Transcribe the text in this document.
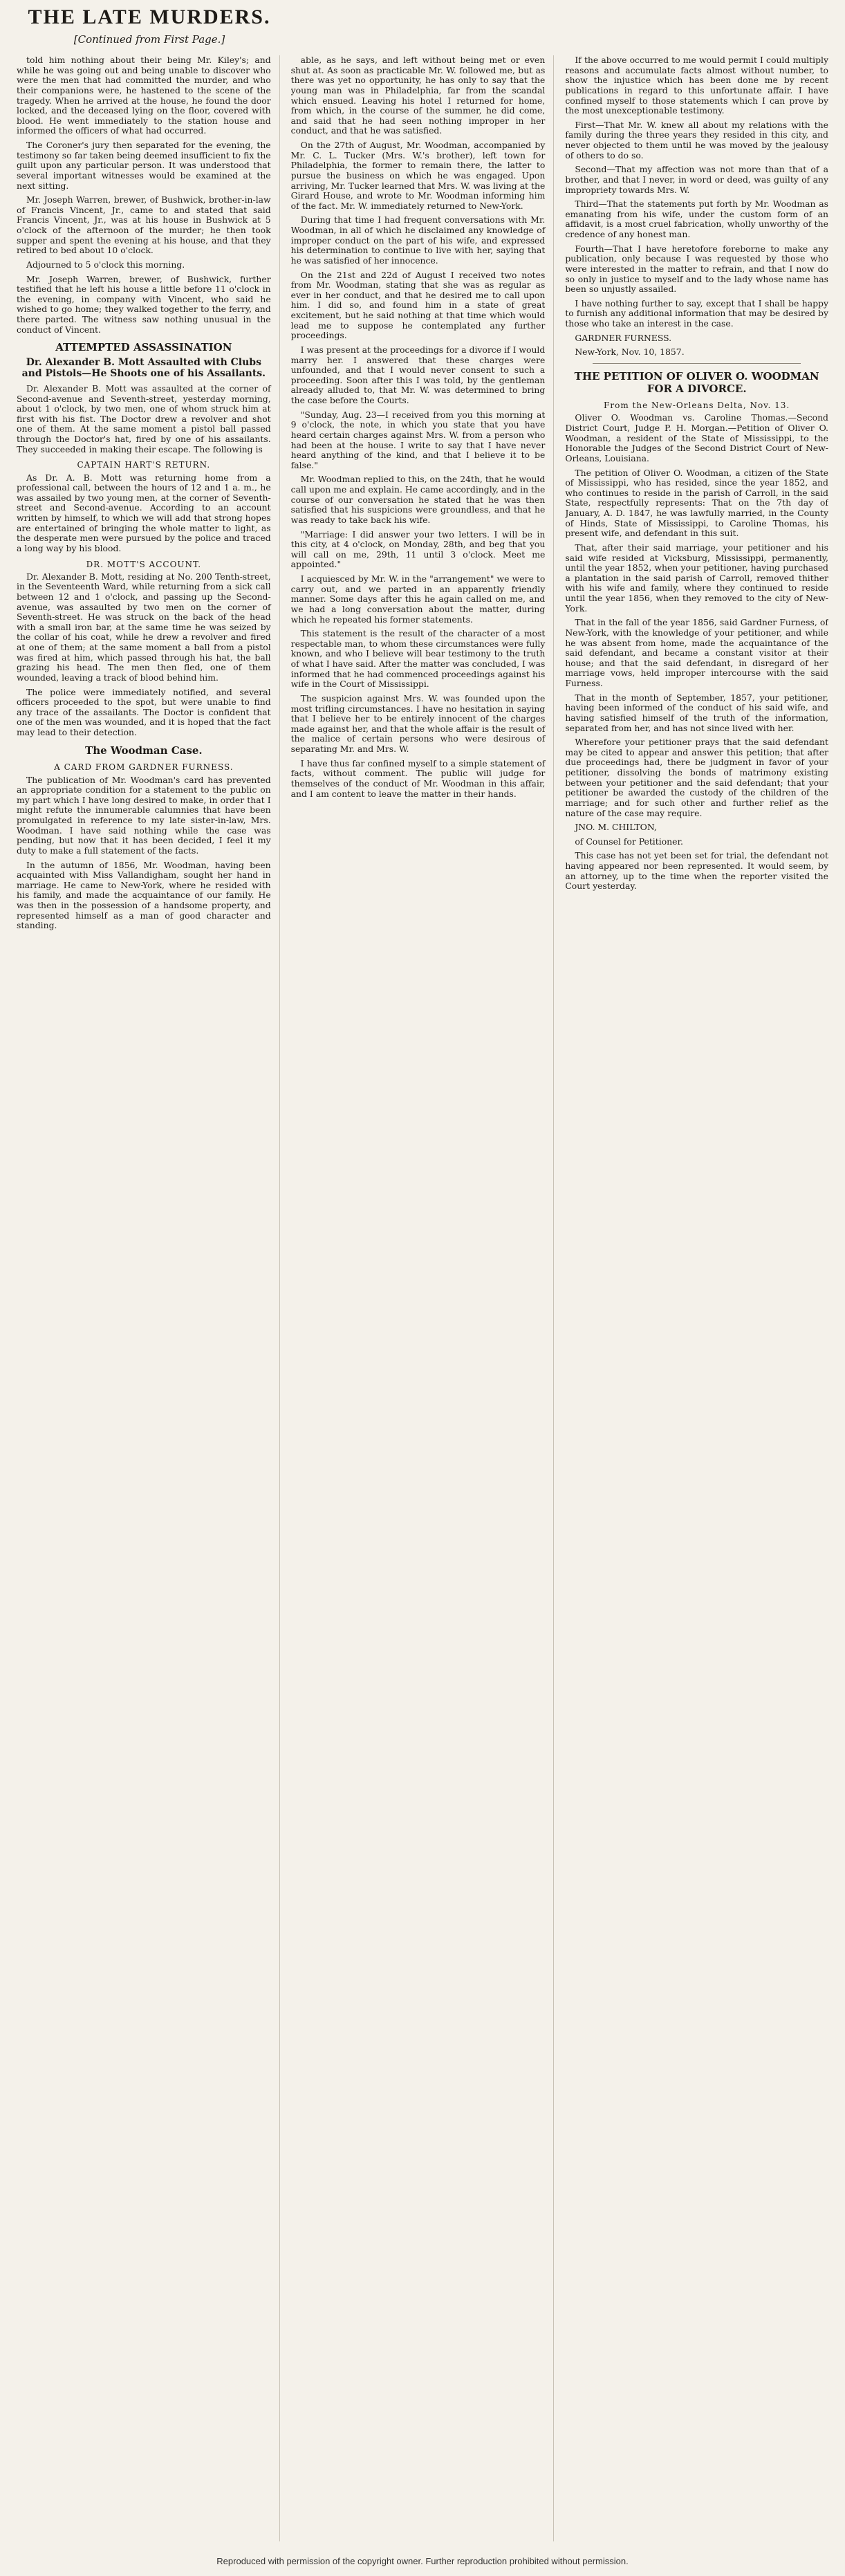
THE LATE MURDERS.
[Continued from First Page.]

told him nothing about their being Mr. Kiley's; and while he was going out and being unable to discover who were the men that had committed the murder, and who their companions were, he hastened to the scene of the tragedy. When he arrived at the house, he found the door locked, and the deceased lying on the floor, covered with blood. He went immediately to the station house and informed the officers of what had occurred.

The Coroner's jury then separated for the evening, the testimony so far taken being deemed insufficient to fix the guilt upon any particular person. It was understood that several important witnesses would be examined at the next sitting.

Mr. Joseph Warren, brewer, of Bushwick, brother-in-law of Francis Vincent, Jr., came to and stated that said Francis Vincent, Jr., was at his house in Bushwick at 5 o'clock of the afternoon of the murder; he then took supper and spent the evening at his house, and that they retired to bed about 10 o'clock.

Adjourned to 5 o'clock this morning.

Mr. Joseph Warren, brewer, of Bushwick, further testified that he left his house a little before 11 o'clock in the evening, in company with Vincent, who said he wished to go home; they walked together to the ferry, and there parted. The witness saw nothing unusual in the conduct of Vincent.

ATTEMPTED ASSASSINATION

Dr. Alexander B. Mott Assaulted with Clubs and Pistols—He Shoots one of his Assailants.

Dr. Alexander B. Mott was assaulted at the corner of Second-avenue and Seventh-street, yesterday morning, about 1 o'clock, by two men, one of whom struck him at first with his fist. The Doctor drew a revolver and shot one of them. At the same moment a pistol ball passed through the Doctor's hat, fired by one of his assailants. They succeeded in making their escape. The following is

CAPTAIN HART'S RETURN.

As Dr. A. B. Mott was returning home from a professional call, between the hours of 12 and 1 a. m., he was assailed by two young men, at the corner of Seventh-street and Second-avenue. According to an account written by himself, to which we will add that strong hopes are entertained of bringing the whole matter to light, as the desperate men were pursued by the police and traced a long way by his blood.

DR. MOTT'S ACCOUNT.

Dr. Alexander B. Mott, residing at No. 200 Tenth-street, in the Seventeenth Ward, while returning from a sick call between 12 and 1 o'clock, and passing up the Second-avenue, was assaulted by two men on the corner of Seventh-street. He was struck on the back of the head with a small iron bar, at the same time he was seized by the collar of his coat, while he drew a revolver and fired at one of them; at the same moment a ball from a pistol was fired at him, which passed through his hat, the ball grazing his head. The men then fled, one of them wounded, leaving a track of blood behind him.

The police were immediately notified, and several officers proceeded to the spot, but were unable to find any trace of the assailants. The Doctor is confident that one of the men was wounded, and it is hoped that the fact may lead to their detection.

The Woodman Case.

A CARD FROM GARDNER FURNESS.

The publication of Mr. Woodman's card has prevented an appropriate condition for a statement to the public on my part which I have long desired to make, in order that I might refute the innumerable calumnies that have been promulgated in reference to my late sister-in-law, Mrs. Woodman. I have said nothing while the case was pending, but now that it has been decided, I feel it my duty to make a full statement of the facts.

In the autumn of 1856, Mr. Woodman, having been acquainted with Miss Vallandigham, sought her hand in marriage. He came to New-York, where he resided with his family, and made the acquaintance of our family. He was then in the possession of a handsome property, and represented himself as a man of good character and standing.

able, as he says, and left without being met or even shut at. As soon as practicable Mr. W. followed me, but as there was yet no opportunity, he has only to say that the young man was in Philadelphia, far from the scandal which ensued. Leaving his hotel I returned for home, from which, in the course of the summer, he did come, and said that he had seen nothing improper in her conduct, and that he was satisfied.

On the 27th of August, Mr. Woodman, accompanied by Mr. C. L. Tucker (Mrs. W.'s brother), left town for Philadelphia, the former to remain there, the latter to pursue the business on which he was engaged. Upon arriving, Mr. Tucker learned that Mrs. W. was living at the Girard House, and wrote to Mr. Woodman informing him of the fact. Mr. W. immediately returned to New-York.

During that time I had frequent conversations with Mr. Woodman, in all of which he disclaimed any knowledge of improper conduct on the part of his wife, and expressed his determination to continue to live with her, saying that he was satisfied of her innocence.

On the 21st and 22d of August I received two notes from Mr. Woodman, stating that she was as regular as ever in her conduct, and that he desired me to call upon him. I did so, and found him in a state of great excitement, but he said nothing at that time which would lead me to suppose he contemplated any further proceedings.

I was present at the proceedings for a divorce if I would marry her. I answered that these charges were unfounded, and that I would never consent to such a proceeding. Soon after this I was told, by the gentleman already alluded to, that Mr. W. was determined to bring the case before the Courts.

"Sunday, Aug. 23—I received from you this morning at 9 o'clock, the note, in which you state that you have heard certain charges against Mrs. W. from a person who had been at the house. I write to say that I have never heard anything of the kind, and that I believe it to be false."

Mr. Woodman replied to this, on the 24th, that he would call upon me and explain. He came accordingly, and in the course of our conversation he stated that he was then satisfied that his suspicions were groundless, and that he was ready to take back his wife.

"Marriage: I did answer your two letters. I will be in this city, at 4 o'clock, on Monday, 28th, and beg that you will call on me, 29th, 11 until 3 o'clock. Meet me appointed."

I acquiesced by Mr. W. in the "arrangement" we were to carry out, and we parted in an apparently friendly manner. Some days after this he again called on me, and we had a long conversation about the matter, during which he repeated his former statements.

This statement is the result of the character of a most respectable man, to whom these circumstances were fully known, and who I believe will bear testimony to the truth of what I have said. After the matter was concluded, I was informed that he had commenced proceedings against his wife in the Court of Mississippi.

The suspicion against Mrs. W. was founded upon the most trifling circumstances. I have no hesitation in saying that I believe her to be entirely innocent of the charges made against her, and that the whole affair is the result of the malice of certain persons who were desirous of separating Mr. and Mrs. W.

I have thus far confined myself to a simple statement of facts, without comment. The public will judge for themselves of the conduct of Mr. Woodman in this affair, and I am content to leave the matter in their hands.

If the above occurred to me would permit I could multiply reasons and accumulate facts almost without number, to show the injustice which has been done me by recent publications in regard to this unfortunate affair. I have confined myself to those statements which I can prove by the most unexceptionable testimony.

First—That Mr. W. knew all about my relations with the family during the three years they resided in this city, and never objected to them until he was moved by the jealousy of others to do so.

Second—That my affection was not more than that of a brother, and that I never, in word or deed, was guilty of any impropriety towards Mrs. W.

Third—That the statements put forth by Mr. Woodman as emanating from his wife, under the custom form of an affidavit, is a most cruel fabrication, wholly unworthy of the credence of any honest man.

Fourth—That I have heretofore foreborne to make any publication, only because I was requested by those who were interested in the matter to refrain, and that I now do so only in justice to myself and to the lady whose name has been so unjustly assailed.

I have nothing further to say, except that I shall be happy to furnish any additional information that may be desired by those who take an interest in the case.

GARDNER FURNESS.

New-York, Nov. 10, 1857.

THE PETITION OF OLIVER O. WOODMAN FOR A DIVORCE.

From the New-Orleans Delta, Nov. 13.

Oliver O. Woodman vs. Caroline Thomas.—Second District Court, Judge P. H. Morgan.—Petition of Oliver O. Woodman, a resident of the State of Mississippi, to the Honorable the Judges of the Second District Court of New-Orleans, Louisiana.

The petition of Oliver O. Woodman, a citizen of the State of Mississippi, who has resided, since the year 1852, and who continues to reside in the parish of Carroll, in the said State, respectfully represents: That on the 7th day of January, A. D. 1847, he was lawfully married, in the County of Hinds, State of Mississippi, to Caroline Thomas, his present wife, and defendant in this suit.

That, after their said marriage, your petitioner and his said wife resided at Vicksburg, Mississippi, permanently, until the year 1852, when your petitioner, having purchased a plantation in the said parish of Carroll, removed thither with his wife and family, where they continued to reside until the year 1856, when they removed to the city of New-York.

That in the fall of the year 1856, said Gardner Furness, of New-York, with the knowledge of your petitioner, and while he was absent from home, made the acquaintance of the said defendant, and became a constant visitor at their house; and that the said defendant, in disregard of her marriage vows, held improper intercourse with the said Furness.

That in the month of September, 1857, your petitioner, having been informed of the conduct of his said wife, and having satisfied himself of the truth of the information, separated from her, and has not since lived with her.

Wherefore your petitioner prays that the said defendant may be cited to appear and answer this petition; that after due proceedings had, there be judgment in favor of your petitioner, dissolving the bonds of matrimony existing between your petitioner and the said defendant; that your petitioner be awarded the custody of the children of the marriage; and for such other and further relief as the nature of the case may require.

JNO. M. CHILTON,

of Counsel for Petitioner.

This case has not yet been set for trial, the defendant not having appeared nor been represented. It would seem, by an attorney, up to the time when the reporter visited the Court yesterday.

Reproduced with permission of the copyright owner. Further reproduction prohibited without permission.
